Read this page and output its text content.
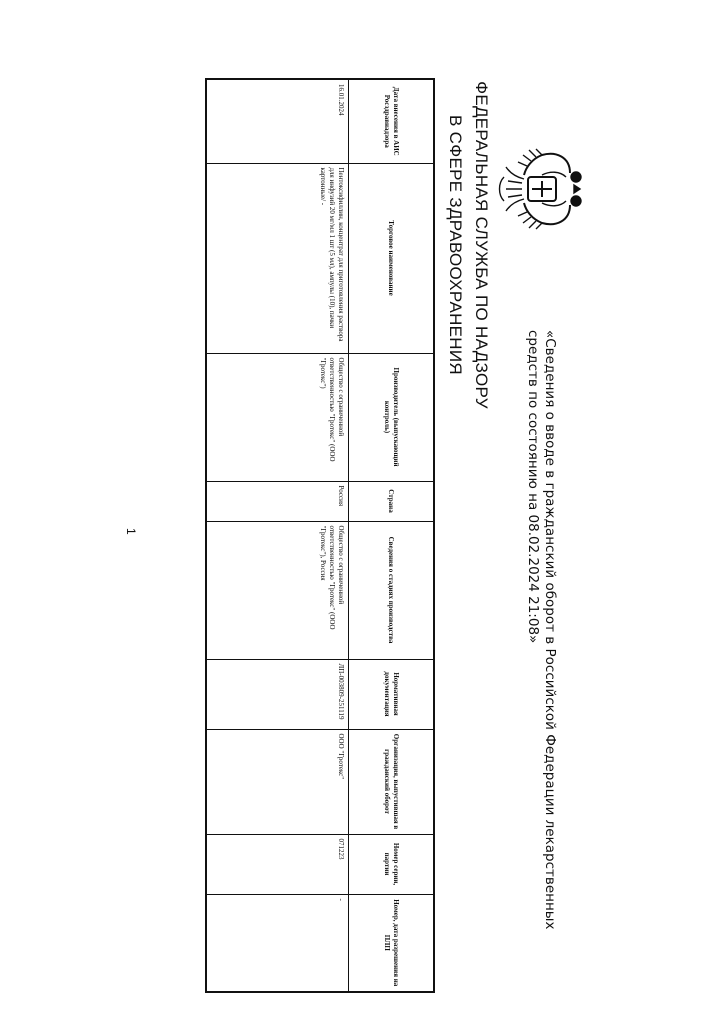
ФЕДЕРАЛЬНАЯ СЛУЖБА ПО НАДЗОРУ
В СФЕРЕ ЗДРАВООХРАНЕНИЯ
«Сведения о вводе в гражданский оборот в Российской Федерации лекарственных средств по состоянию на 08.02.2024 21:08»
Дата внесения в АИС Росздравнадзора	Торговое наименование	Производитель (выпускающий контроль)	Страна	Сведения о стадиях производства	Нормативная документация	Организация, выпустившая в гражданский оборот	Номер серии, партии	Номер, дата разрешения на ПЛП
16.01.2024	Пентоксифиллин, концентрат для приготовления раствора для инфузий 20 мг/мл 1 шт (5 мл), ампулы (10), пачки картонные/ -	Общество с ограниченной ответственностью "Гротекс" (ООО "Гротекс")	Россия	Общество с ограниченной ответственностью "Гротекс" (ООО "Гротекс"), Россия	ЛП-003809-251119	ООО "Гротекс"	071223	-
1
